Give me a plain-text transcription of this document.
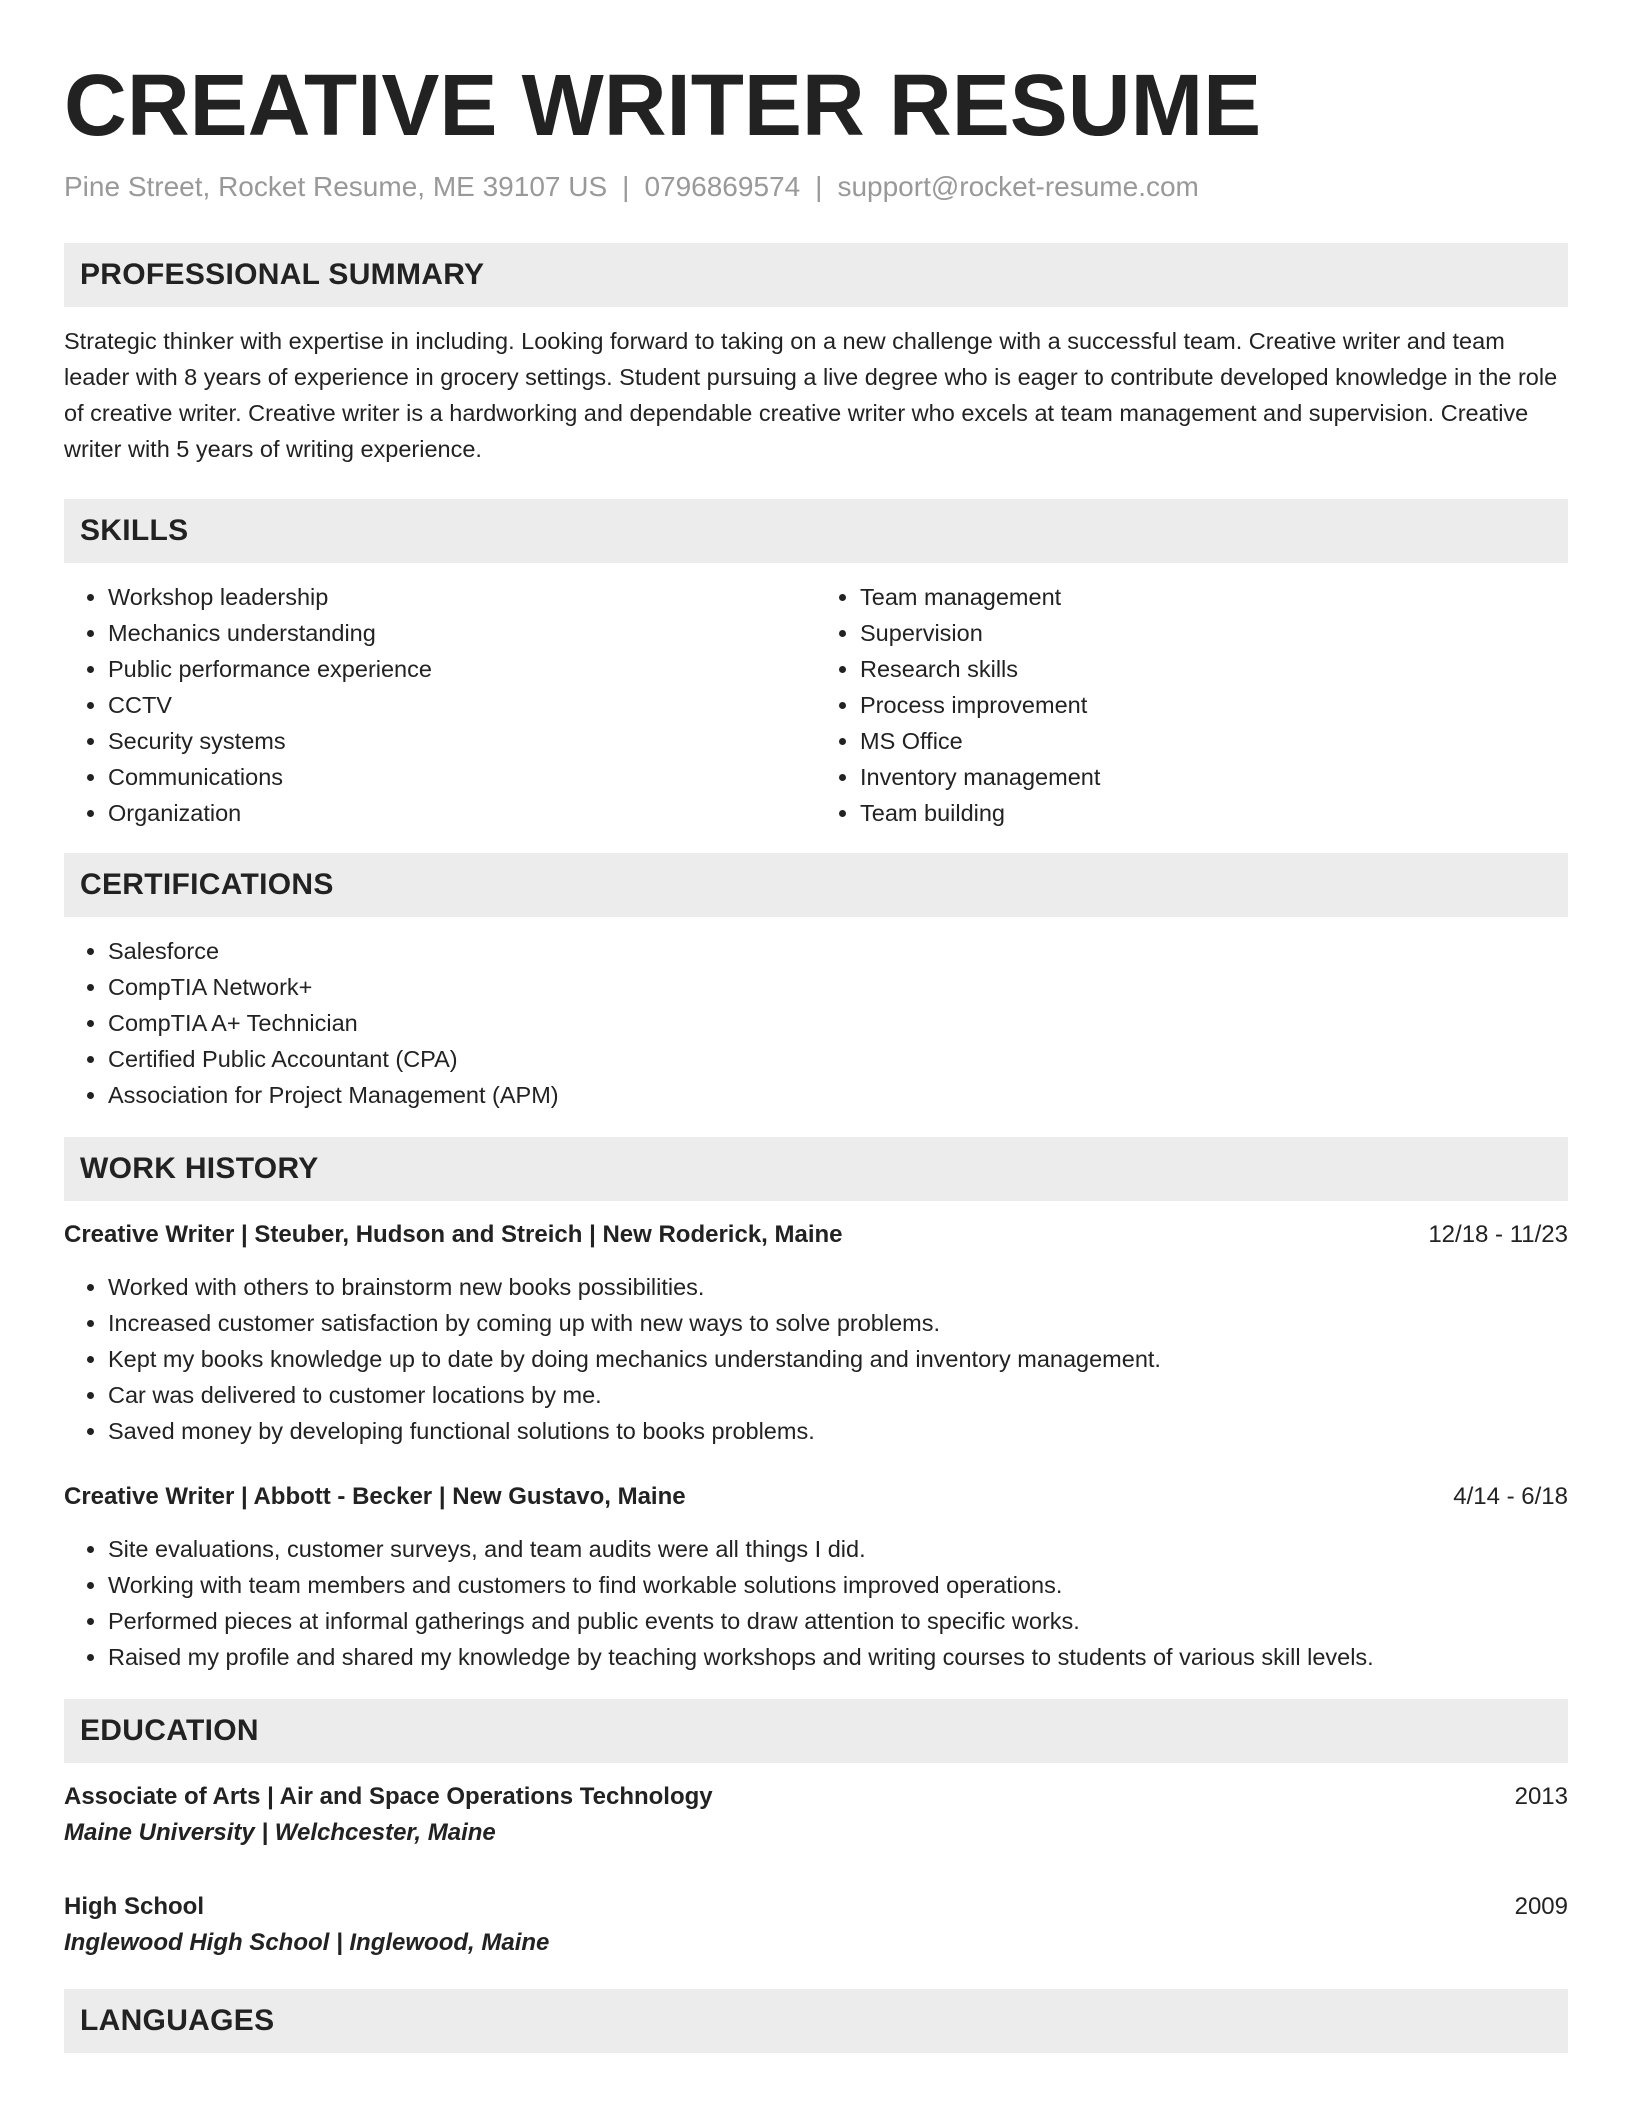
CREATIVE WRITER RESUME
Pine Street, Rocket Resume, ME 39107 US | 0796869574 | support@rocket-resume.com
PROFESSIONAL SUMMARY

Strategic thinker with expertise in including. Looking forward to taking on a new challenge with a successful team. Creative writer and team leader with 8 years of experience in grocery settings. Student pursuing a live degree who is eager to contribute developed knowledge in the role of creative writer. Creative writer is a hardworking and dependable creative writer who excels at team management and supervision. Creative writer with 5 years of writing experience.

SKILLS
• Workshop leadership
• Mechanics understanding
• Public performance experience
• CCTV
• Security systems
• Communications
• Organization
• Team management
• Supervision
• Research skills
• Process improvement
• MS Office
• Inventory management
• Team building
CERTIFICATIONS
• Salesforce
• CompTIA Network+
• CompTIA A+ Technician
• Certified Public Accountant (CPA)
• Association for Project Management (APM)
WORK HISTORY
Creative Writer | Steuber, Hudson and Streich | New Roderick, Maine	12/18 - 11/23
• Worked with others to brainstorm new books possibilities.
• Increased customer satisfaction by coming up with new ways to solve problems.
• Kept my books knowledge up to date by doing mechanics understanding and inventory management.
• Car was delivered to customer locations by me.
• Saved money by developing functional solutions to books problems.
Creative Writer | Abbott - Becker | New Gustavo, Maine	4/14 - 6/18
• Site evaluations, customer surveys, and team audits were all things I did.
• Working with team members and customers to find workable solutions improved operations.
• Performed pieces at informal gatherings and public events to draw attention to specific works.
• Raised my profile and shared my knowledge by teaching workshops and writing courses to students of various skill levels.
EDUCATION
Associate of Arts | Air and Space Operations Technology	2013
Maine University | Welchcester, Maine
High School	2009
Inglewood High School | Inglewood, Maine
LANGUAGES
